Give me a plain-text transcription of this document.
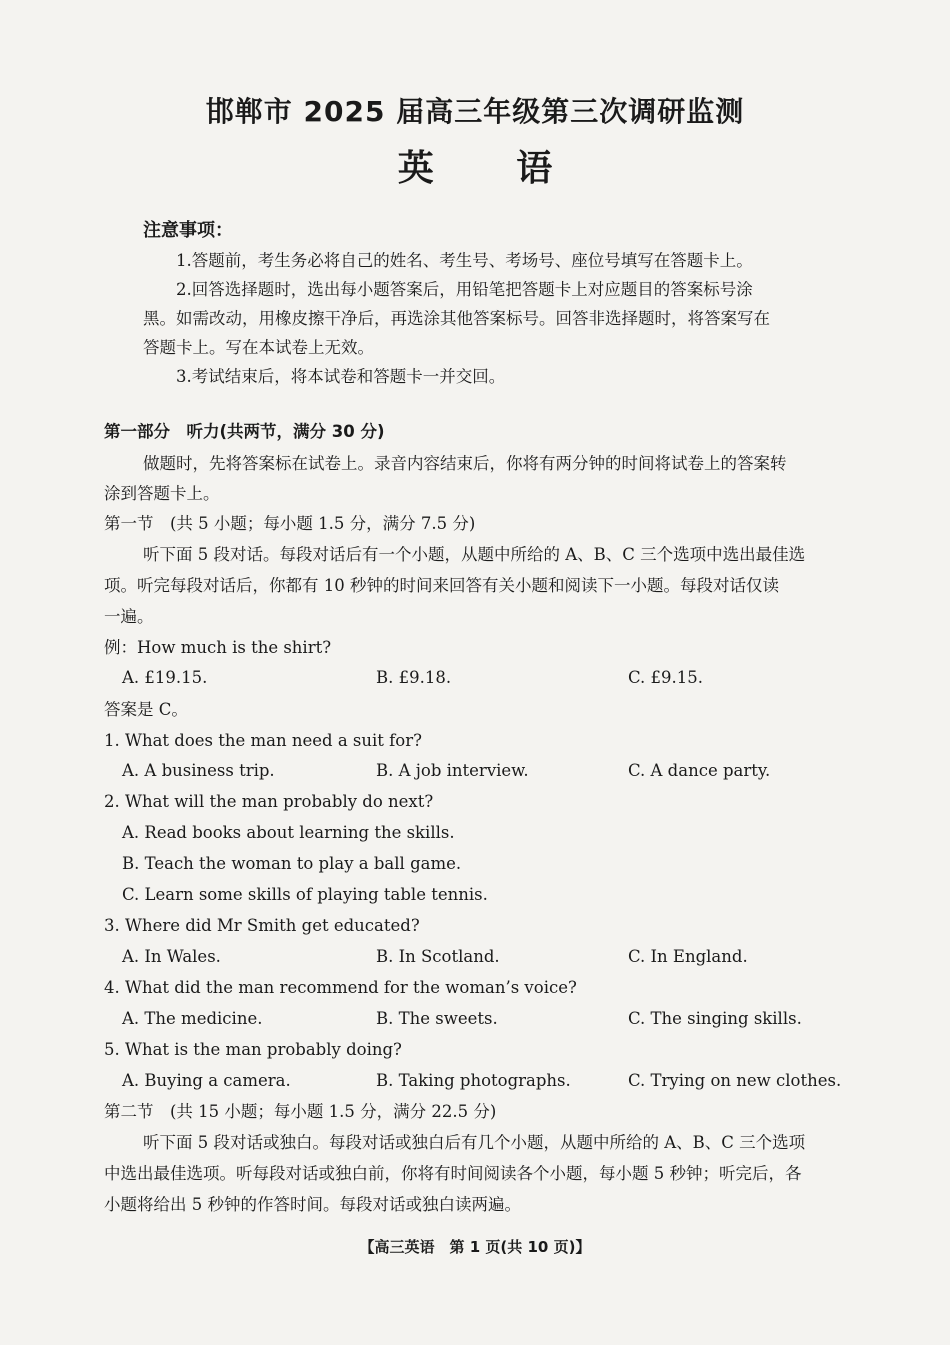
邯郸市 2025 届高三年级第三次调研监测
英 语
注意事项：
1.答题前，考生务必将自己的姓名、考生号、考场号、座位号填写在答题卡上。
2.回答选择题时，选出每小题答案后，用铅笔把答题卡上对应题目的答案标号涂
黑。如需改动，用橡皮擦干净后，再选涂其他答案标号。回答非选择题时，将答案写在
答题卡上。写在本试卷上无效。
3.考试结束后，将本试卷和答题卡一并交回。
第一部分　听力(共两节，满分 30 分)
做题时，先将答案标在试卷上。录音内容结束后，你将有两分钟的时间将试卷上的答案转
涂到答题卡上。
第一节　(共 5 小题；每小题 1.5 分，满分 7.5 分)
听下面 5 段对话。每段对话后有一个小题，从题中所给的 A、B、C 三个选项中选出最佳选
项。听完每段对话后，你都有 10 秒钟的时间来回答有关小题和阅读下一小题。每段对话仅读
一遍。
例：How much is the shirt?
A. £19.15.	B. £9.18.	C. £9.15.
答案是 C。
1. What does the man need a suit for?
A. A business trip.	B. A job interview.	C. A dance party.
2. What will the man probably do next?
A. Read books about learning the skills.
B. Teach the woman to play a ball game.
C. Learn some skills of playing table tennis.
3. Where did Mr Smith get educated?
A. In Wales.	B. In Scotland.	C. In England.
4. What did the man recommend for the woman’s voice?
A. The medicine.	B. The sweets.	C. The singing skills.
5. What is the man probably doing?
A. Buying a camera.	B. Taking photographs.	C. Trying on new clothes.
第二节　(共 15 小题；每小题 1.5 分，满分 22.5 分)
听下面 5 段对话或独白。每段对话或独白后有几个小题，从题中所给的 A、B、C 三个选项
中选出最佳选项。听每段对话或独白前，你将有时间阅读各个小题，每小题 5 秒钟；听完后，各
小题将给出 5 秒钟的作答时间。每段对话或独白读两遍。
【高三英语　第 1 页(共 10 页)】
